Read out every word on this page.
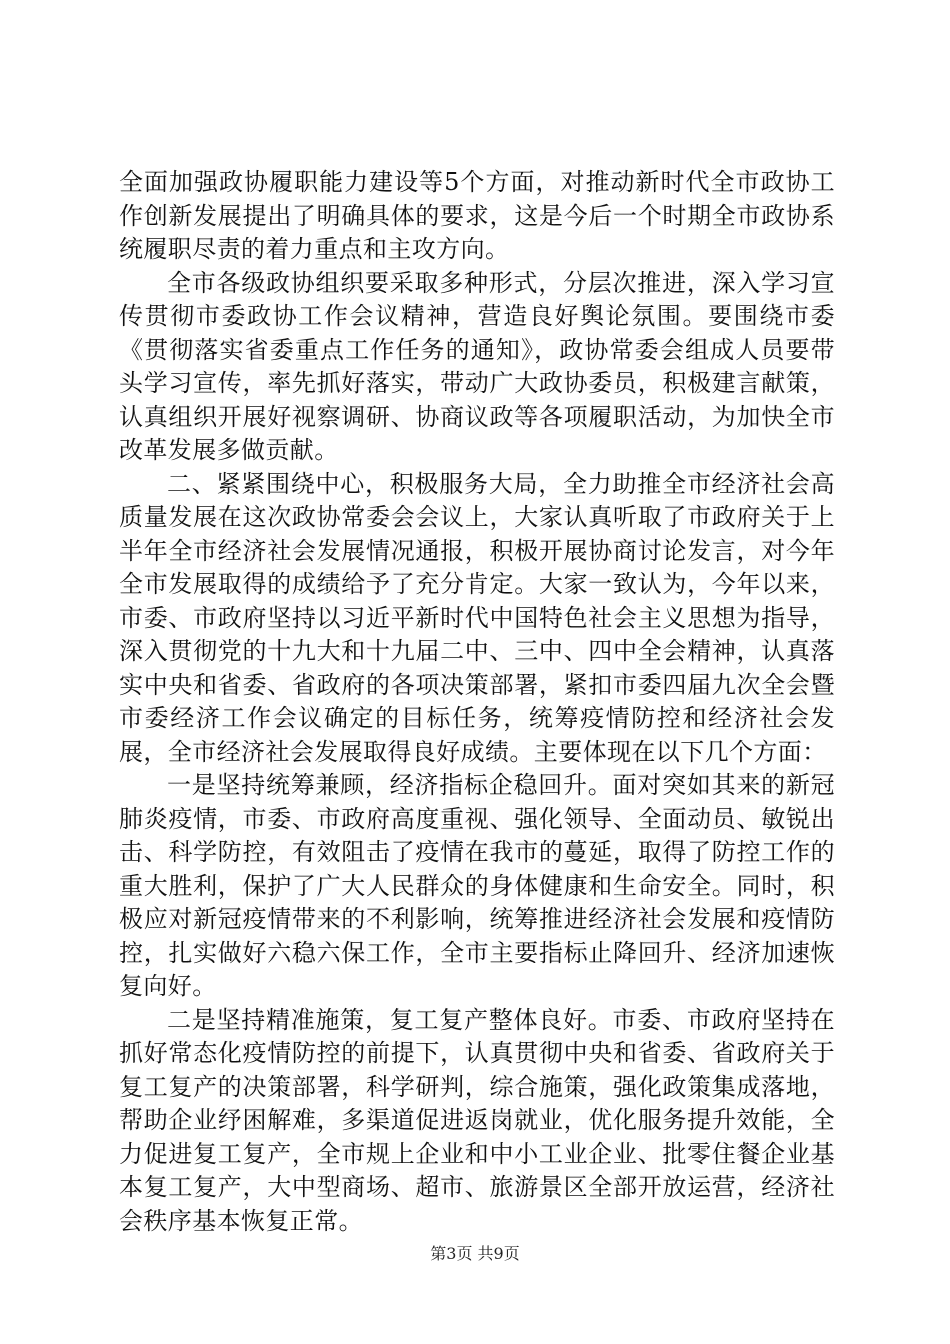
全面加强政协履职能力建设等5个方面，对推动新时代全市政协工作创新发展提出了明确具体的要求，这是今后一个时期全市政协系统履职尽责的着力重点和主攻方向。

全市各级政协组织要采取多种形式，分层次推进，深入学习宣传贯彻市委政协工作会议精神，营造良好舆论氛围。要围绕市委《贯彻落实省委重点工作任务的通知》，政协常委会组成人员要带头学习宣传，率先抓好落实，带动广大政协委员，积极建言献策，认真组织开展好视察调研、协商议政等各项履职活动，为加快全市改革发展多做贡献。

二、紧紧围绕中心，积极服务大局，全力助推全市经济社会高质量发展在这次政协常委会会议上，大家认真听取了市政府关于上半年全市经济社会发展情况通报，积极开展协商讨论发言，对今年全市发展取得的成绩给予了充分肯定。大家一致认为，今年以来，市委、市政府坚持以习近平新时代中国特色社会主义思想为指导，深入贯彻党的十九大和十九届二中、三中、四中全会精神，认真落实中央和省委、省政府的各项决策部署，紧扣市委四届九次全会暨市委经济工作会议确定的目标任务，统筹疫情防控和经济社会发展，全市经济社会发展取得良好成绩。主要体现在以下几个方面：

一是坚持统筹兼顾，经济指标企稳回升。面对突如其来的新冠肺炎疫情，市委、市政府高度重视、强化领导、全面动员、敏锐出击、科学防控，有效阻击了疫情在我市的蔓延，取得了防控工作的重大胜利，保护了广大人民群众的身体健康和生命安全。同时，积极应对新冠疫情带来的不利影响，统筹推进经济社会发展和疫情防控，扎实做好六稳六保工作，全市主要指标止降回升、经济加速恢复向好。

二是坚持精准施策，复工复产整体良好。市委、市政府坚持在抓好常态化疫情防控的前提下，认真贯彻中央和省委、省政府关于复工复产的决策部署，科学研判，综合施策，强化政策集成落地，帮助企业纾困解难，多渠道促进返岗就业，优化服务提升效能，全力促进复工复产，全市规上企业和中小工业企业、批零住餐企业基本复工复产，大中型商场、超市、旅游景区全部开放运营，经济社会秩序基本恢复正常。

第3页 共9页
